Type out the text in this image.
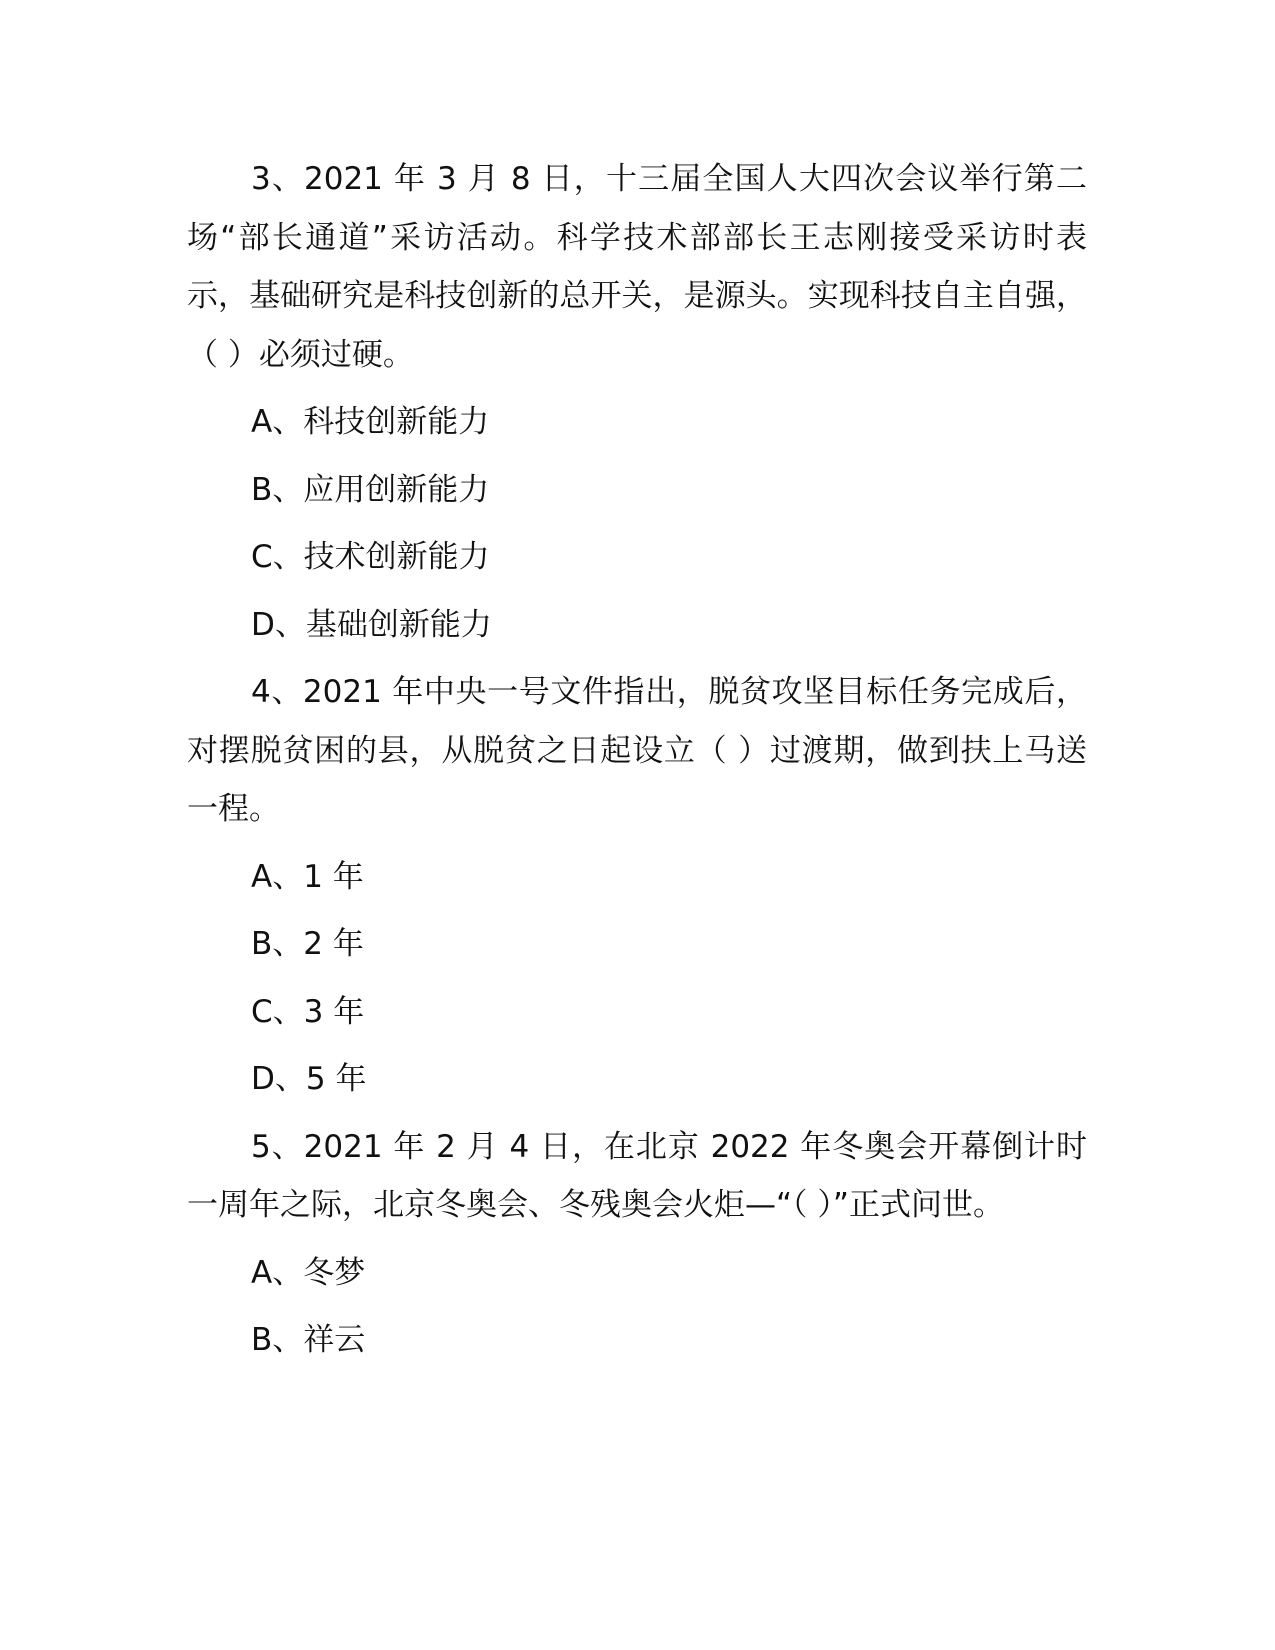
3、2021 年 3 月 8 日，十三届全国人大四次会议举行第二场“部长通道”采访活动。科学技术部部长王志刚接受采访时表示，基础研究是科技创新的总开关，是源头。实现科技自主自强，（ ）必须过硬。

A、科技创新能力

B、应用创新能力

C、技术创新能力

D、基础创新能力

4、2021 年中央一号文件指出，脱贫攻坚目标任务完成后，对摆脱贫困的县，从脱贫之日起设立（ ）过渡期，做到扶上马送一程。

A、1 年

B、2 年

C、3 年

D、5 年

5、2021 年 2 月 4 日，在北京 2022 年冬奥会开幕倒计时一周年之际，北京冬奥会、冬残奥会火炬—“（ ）”正式问世。

A、冬梦

B、祥云
